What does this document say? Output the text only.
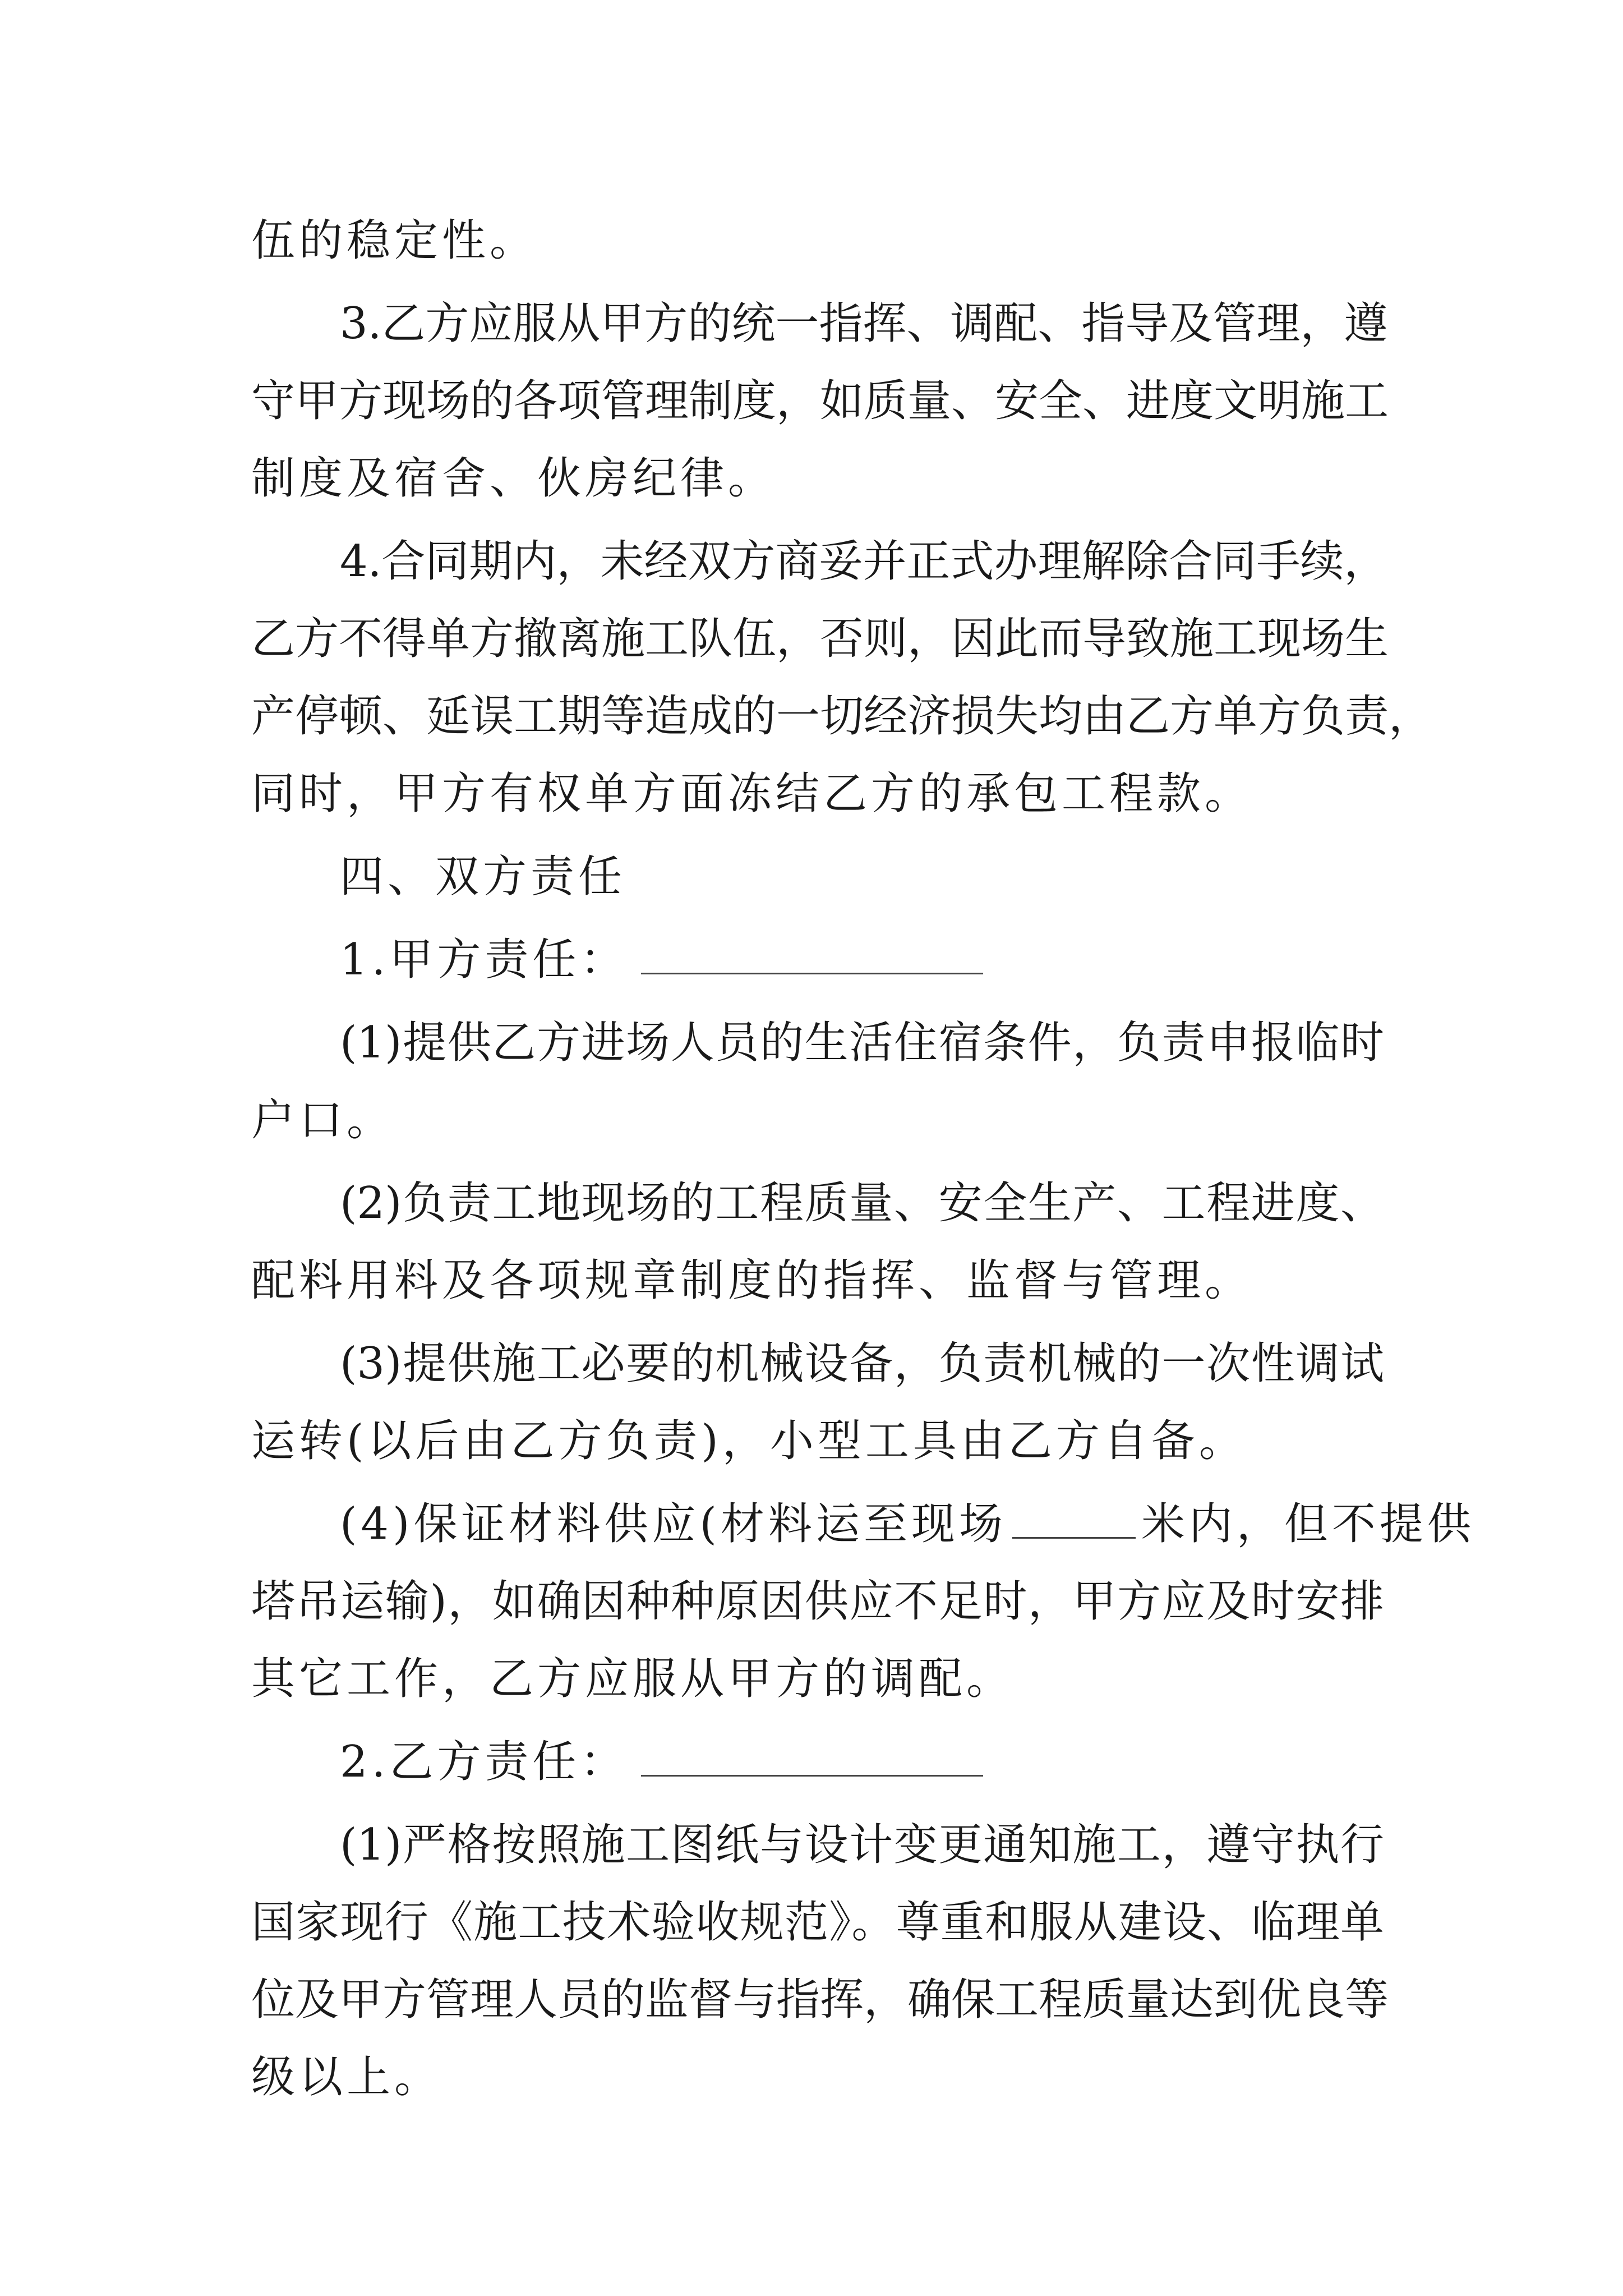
伍的稳定性。
3.乙方应服从甲方的统一指挥、调配、指导及管理，遵
守甲方现场的各项管理制度，如质量、安全、进度文明施工
制度及宿舍、伙房纪律。
4.合同期内，未经双方商妥并正式办理解除合同手续，
乙方不得单方撤离施工队伍，否则，因此而导致施工现场生
产停顿、延误工期等造成的一切经济损失均由乙方单方负责，
同时，甲方有权单方面冻结乙方的承包工程款。
四、双方责任
1.甲方责任：
(1)提供乙方进场人员的生活住宿条件，负责申报临时
户口。
(2)负责工地现场的工程质量、安全生产、工程进度、
配料用料及各项规章制度的指挥、监督与管理。
(3)提供施工必要的机械设备，负责机械的一次性调试
运转(以后由乙方负责)，小型工具由乙方自备。
(4)保证材料供应(材料运至现场	米内，但不提供
塔吊运输)，如确因种种原因供应不足时，甲方应及时安排
其它工作，乙方应服从甲方的调配。
2.乙方责任：
(1)严格按照施工图纸与设计变更通知施工，遵守执行
国家现行《施工技术验收规范》。尊重和服从建设、临理单
位及甲方管理人员的监督与指挥，确保工程质量达到优良等
级以上。
